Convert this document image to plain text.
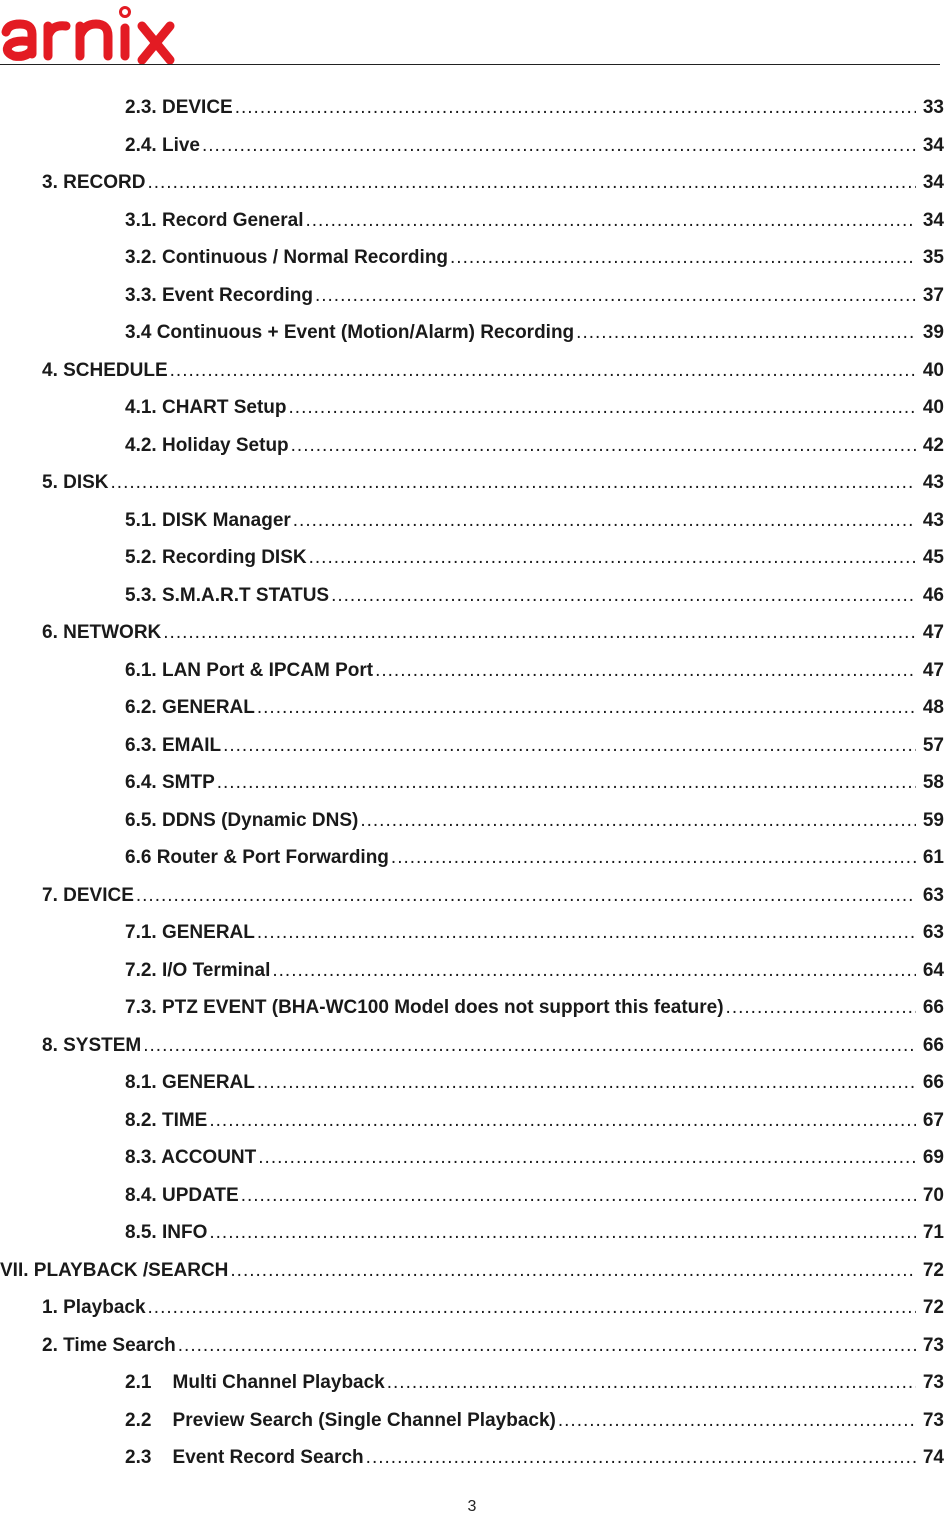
2.3. DEVICE .....	33
2.4. Live .....	34
3. RECORD .....	34
3.1. Record General .....	34
3.2. Continuous / Normal Recording .....	35
3.3. Event Recording .....	37
3.4 Continuous + Event (Motion/Alarm) Recording .....	39
4. SCHEDULE .....	40
4.1. CHART Setup .....	40
4.2. Holiday Setup .....	42
5. DISK .....	43
5.1. DISK Manager .....	43
5.2. Recording DISK .....	45
5.3. S.M.A.R.T STATUS .....	46
6. NETWORK .....	47
6.1. LAN Port & IPCAM Port .....	47
6.2. GENERAL .....	48
6.3. EMAIL .....	57
6.4. SMTP .....	58
6.5. DDNS (Dynamic DNS) .....	59
6.6 Router & Port Forwarding .....	61
7. DEVICE .....	63
7.1. GENERAL .....	63
7.2. I/O Terminal .....	64
7.3. PTZ EVENT (BHA-WC100 Model does not support this feature) .....	66
8. SYSTEM .....	66
8.1. GENERAL .....	66
8.2. TIME .....	67
8.3. ACCOUNT .....	69
8.4. UPDATE .....	70
8.5. INFO .....	71
VII. PLAYBACK /SEARCH .....	72
1. Playback .....	72
2. Time Search .....	73
2.1    Multi Channel Playback .....	73
2.2    Preview Search (Single Channel Playback) .....	73
2.3    Event Record Search .....	74
3
